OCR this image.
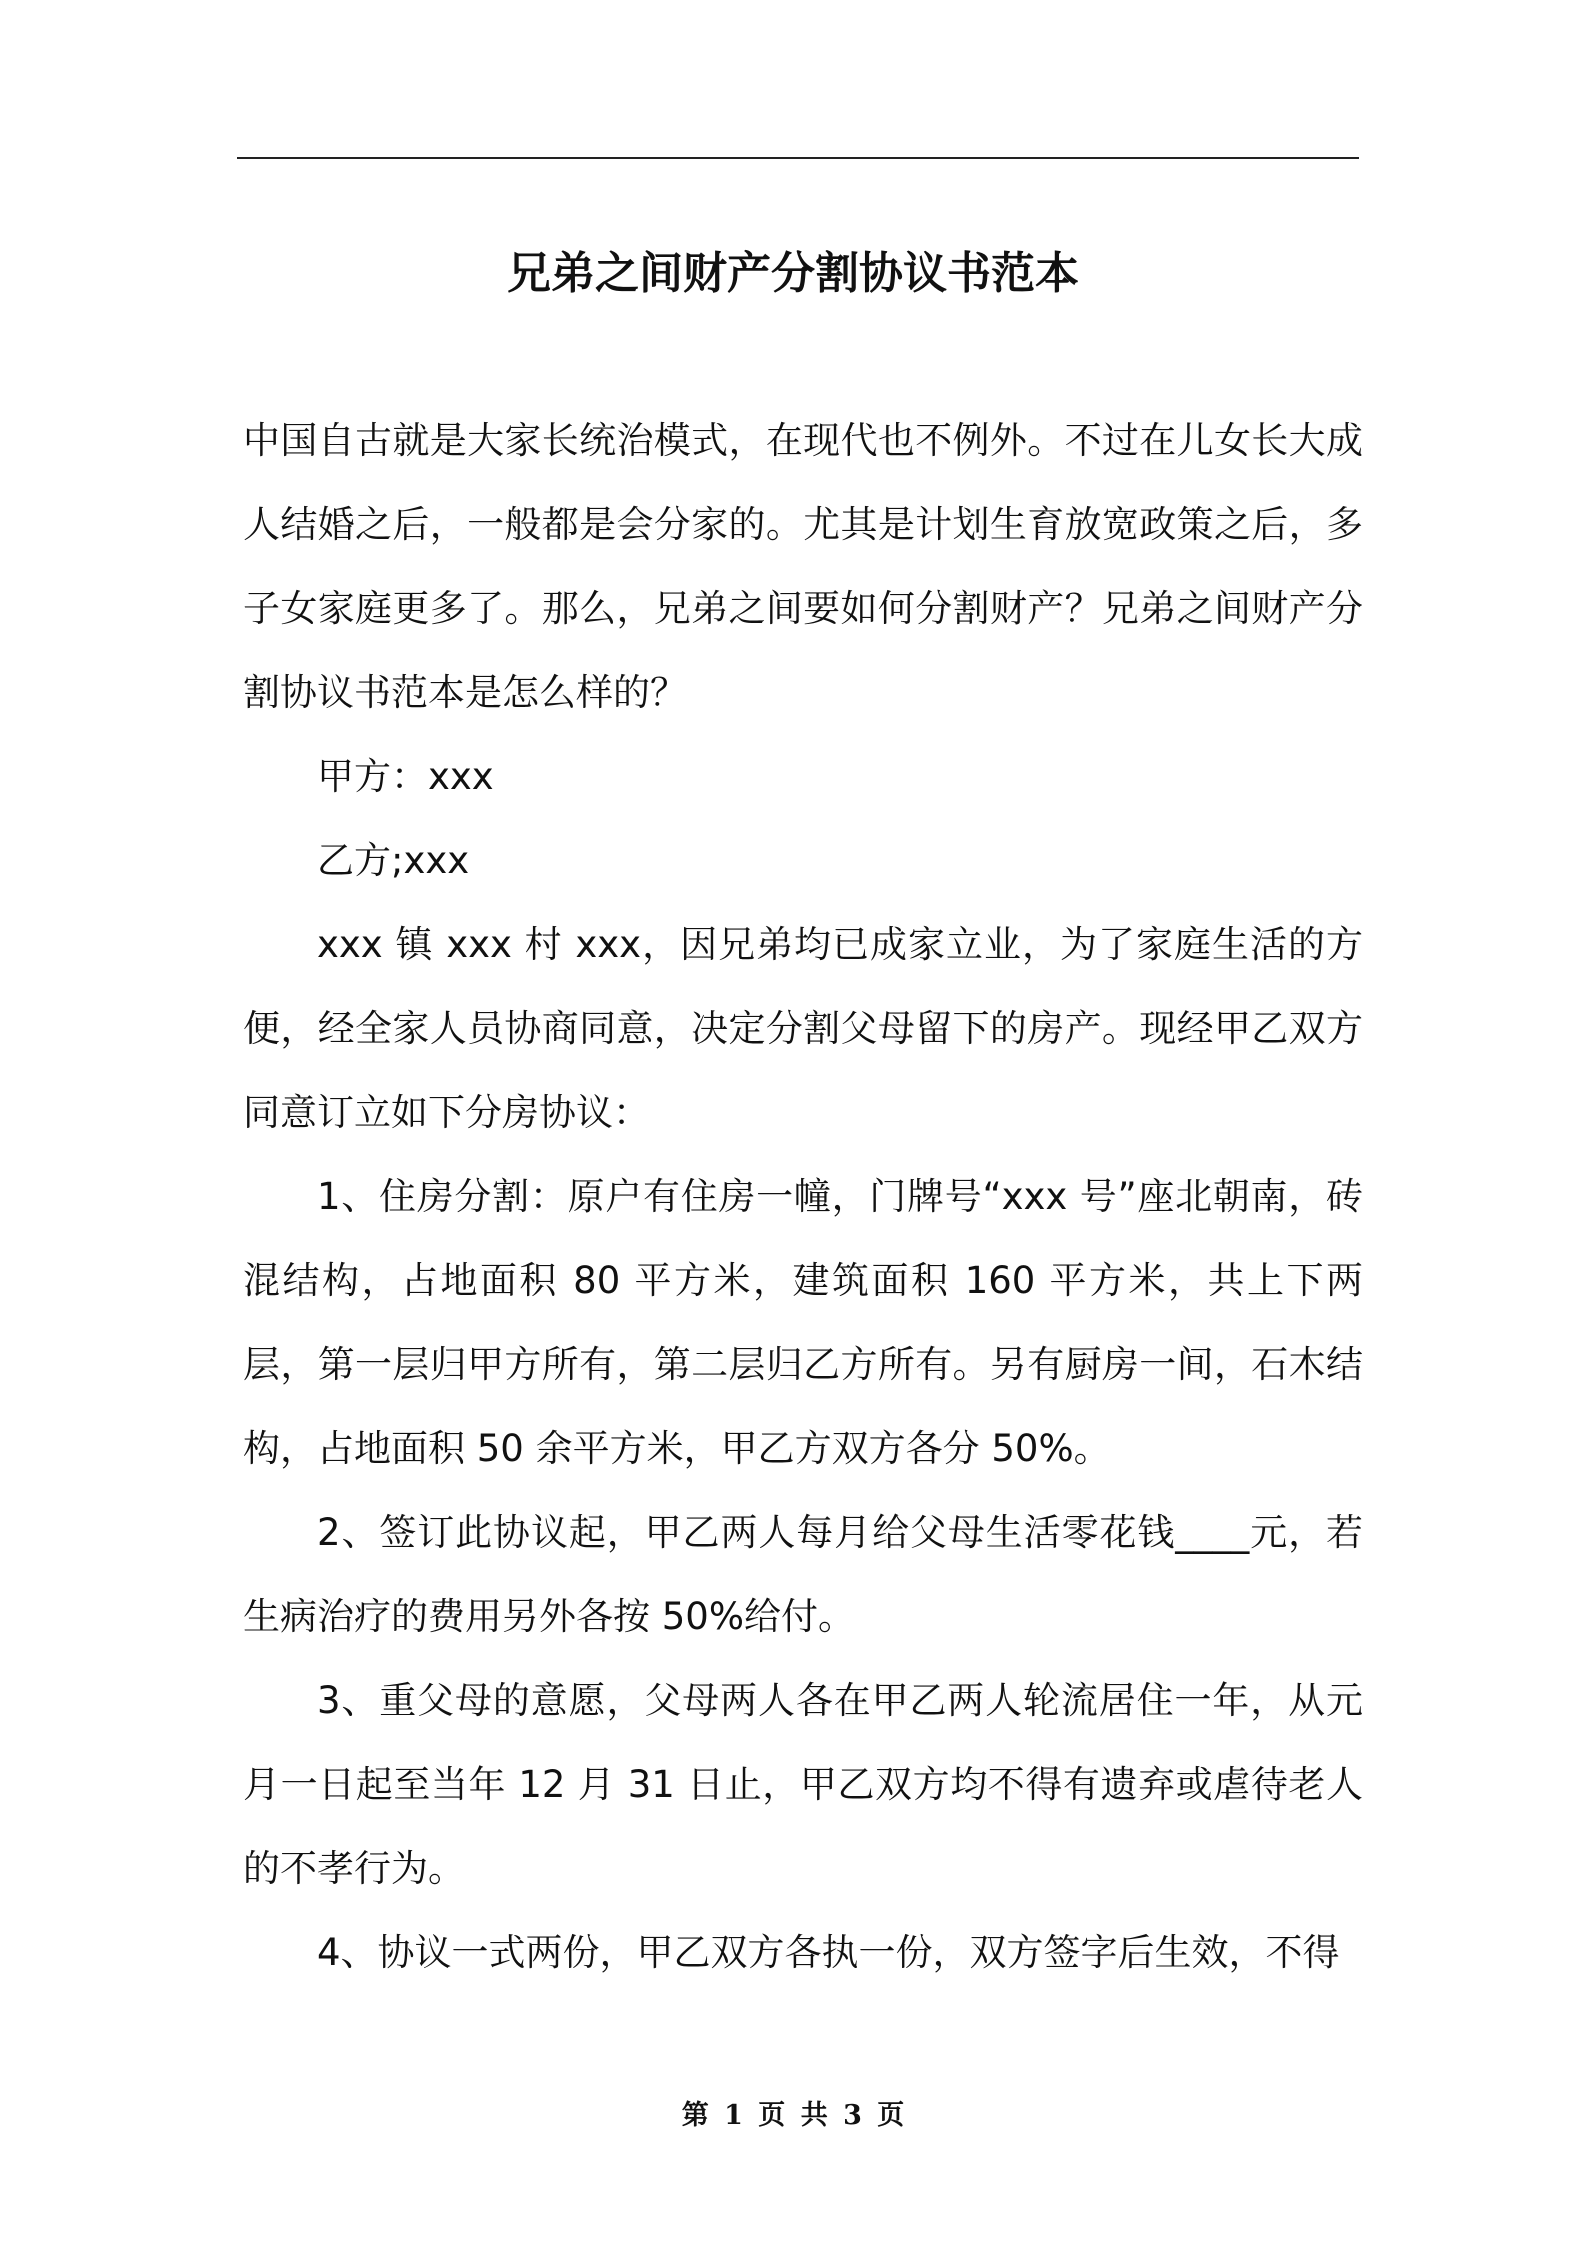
兄弟之间财产分割协议书范本

中国自古就是大家长统治模式，在现代也不例外。不过在儿女长大成人结婚之后，一般都是会分家的。尤其是计划生育放宽政策之后，多子女家庭更多了。那么，兄弟之间要如何分割财产？兄弟之间财产分割协议书范本是怎么样的？

甲方：xxx

乙方;xxx

xxx 镇 xxx 村 xxx，因兄弟均已成家立业，为了家庭生活的方便，经全家人员协商同意，决定分割父母留下的房产。现经甲乙双方同意订立如下分房协议：

1、住房分割：原户有住房一幢，门牌号“xxx 号”座北朝南，砖混结构，占地面积 80 平方米，建筑面积 160 平方米，共上下两层，第一层归甲方所有，第二层归乙方所有。另有厨房一间，石木结构，占地面积 50 余平方米，甲乙方双方各分 50%。

2、签订此协议起，甲乙两人每月给父母生活零花钱____元，若生病治疗的费用另外各按 50%给付。

3、重父母的意愿，父母两人各在甲乙两人轮流居住一年，从元月一日起至当年 12 月 31 日止，甲乙双方均不得有遗弃或虐待老人的不孝行为。

4、协议一式两份，甲乙双方各执一份，双方签字后生效，不得

第 1 页 共 3 页
